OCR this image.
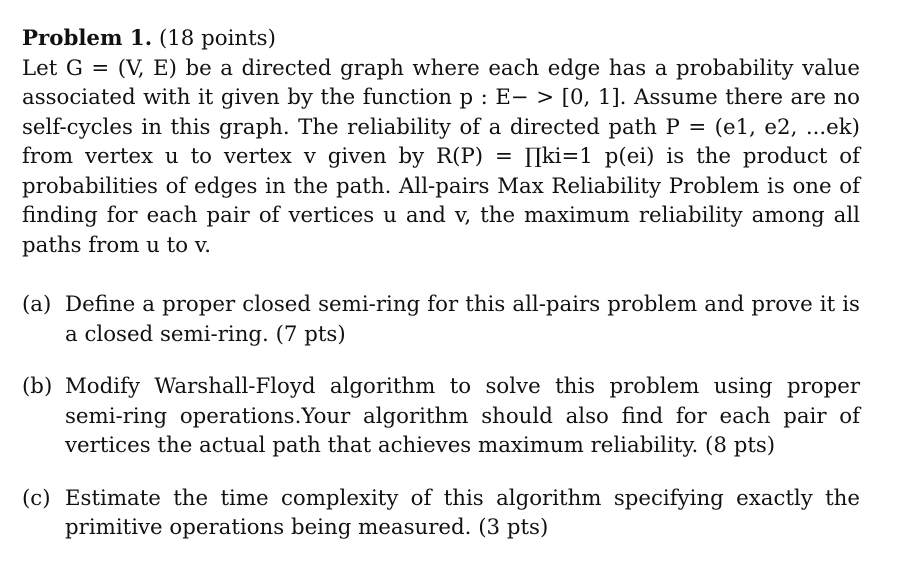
Problem 1. (18 points)

Let G = (V, E) be a directed graph where each edge has a probability value associated with it given by the function p : E− > [0, 1]. Assume there are no self-cycles in this graph. The reliability of a directed path P = (e1, e2, ...ek) from vertex u to vertex v given by R(P) = ∏ki=1 p(ei) is the product of probabilities of edges in the path. All-pairs Max Reliability Problem is one of finding for each pair of vertices u and v, the maximum reliability among all paths from u to v.

(a) Define a proper closed semi-ring for this all-pairs problem and prove it is a closed semi-ring. (7 pts)
(b) Modify Warshall-Floyd algorithm to solve this problem using proper semi-ring operations.Your algorithm should also find for each pair of vertices the actual path that achieves maximum reliability. (8 pts)
(c) Estimate the time complexity of this algorithm specifying exactly the primitive operations being measured. (3 pts)
